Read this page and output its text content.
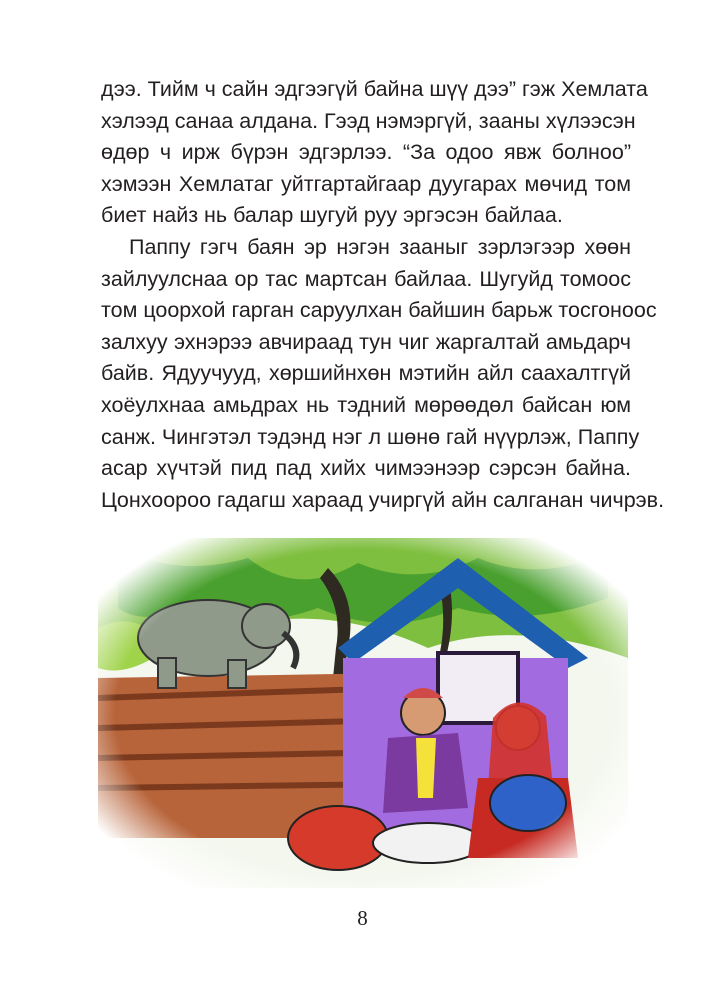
дээ. Тийм ч сайн эдгээгүй байна шүү дээ” гэж Хемлата
хэлээд санаа алдана. Гээд нэмэргүй, зааны хүлээсэн
өдөр ч ирж бүрэн эдгэрлээ. “За одоо явж болноо”
хэмээн Хемлатаг уйтгартайгаар дуугарах мөчид том
биет найз нь балар шугуй руу эргэсэн байлаа.
Паппу гэгч баян эр нэгэн зааныг зэрлэгээр хөөн
зайлуулснаа ор тас мартсан байлаа. Шугуйд томоос
том цоорхой гарган саруулхан байшин барьж тосгоноос
залхуу эхнэрээ авчираад тун чиг жаргалтай амьдарч
байв. Ядуучууд, хөршийнхөн мэтийн айл саахалтгүй
хоёулхнаа амьдрах нь тэдний мөрөөдөл байсан юм
санж. Чингэтэл тэдэнд нэг л шөнө гай нүүрлэж, Паппу
асар хүчтэй пид пад хийх чимээнээр сэрсэн байна.
Цонхоороо гадагш хараад учиргүй айн салганан чичрэв.
8
